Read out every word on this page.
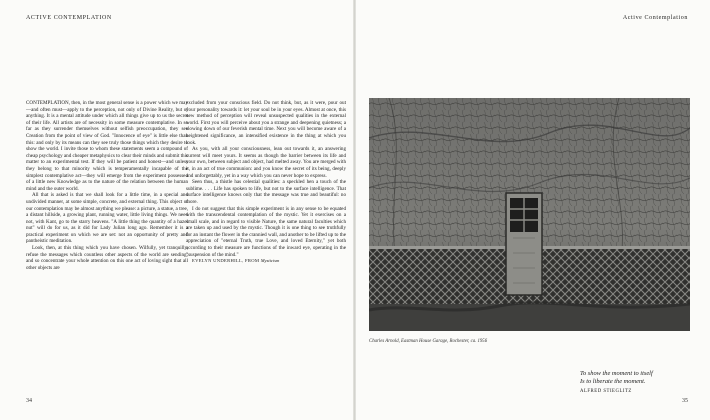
ACTIVE CONTEMPLATION	Active Contemplation

CONTEMPLATION, then, in the most general sense is a power which we may—and often must—apply to the perception, not only of Divine Reality, but of anything. It is a mental attitude under which all things give up to us the secret of their life. All artists are of necessity in some measure contemplative. In so far as they surrender themselves without selfish preoccupation, they see Creation from the point of view of God. "Innocence of eye" is little else than this: and only by its means can they see truly those things which they desire to show the world. I invite those to whom these statements seem a compound of cheap psychology and cheaper metaphysics to clear their minds and submit this matter to an experimental test. If they will be patient and honest—and unless they belong to that minority which is temperamentally incapable of the simplest contemplative act—they will emerge from the experiment possessed of a little new Knowledge as to the nature of the relation between the human mind and the outer world.

All that is asked is that we shall look for a little time, in a special and undivided manner, at some simple, concrete, and external thing. This object of our contemplation may be almost anything we please: a picture, a statue, a tree, a distant hillside, a growing plant, running water, little living things. We need not, with Kant, go to the starry heavens. "A little thing the quantity of a hazel nut" will do for us, as it did for Lady Julian long ago. Remember it is a practical experiment on which we are set: not an opportunity of pretty and pantheistic meditation.

Look, then, at this thing which you have chosen. Wilfully, yet tranquilly, refuse the messages which countless other aspects of the world are sending; and so concentrate your whole attention on this one act of loving sight that all other objects are

excluded from your conscious field. Do not think, but, as it were, pour out your personality towards it: let your soul be in your eyes. Almost at once, this new method of perception will reveal unsuspected qualities in the external world. First you will perceive about you a strange and deepening quietness; a slowing down of our feverish mental time. Next you will become aware of a heightened significance, an intensified existence in the thing at which you look.

As you, with all your consciousness, lean out towards it, an answering current will meet yours. It seems as though the barrier between its life and your own, between subject and object, had melted away. You are merged with it, in an act of true communion: and you know the secret of its being, deeply and unforgettably, yet in a way which you can never hope to express.

Seen thus, a thistle has celestial qualities: a speckled hen a touch of the sublime. . . . Life has spoken to life, but not to the surface intelligence. That surface intelligence knows only that the message was true and beautiful: no more.

I do not suggest that this simple experiment is in any sense to be equated with the transcendental contemplation of the mystic. Yet it exercises on a small scale, and in regard to visible Nature, the same natural faculties which are taken up and used by the mystic. Though it is one thing to see truthfully for an instant the flower in the crannied wall, and another to be lifted up to the appreciation of "eternal Truth, true Love, and loved Eternity," yet both according to their measure are functions of the inward eye, operating in the "suspension of the mind."

EVELYN UNDERHILL, FROM Mysticism

Charles Arnold, Eastman House Garage, Rochester, ca. 1956
To show the moment to itself
Is to liberate the moment.
ALFRED STIEGLITZ
34	35
